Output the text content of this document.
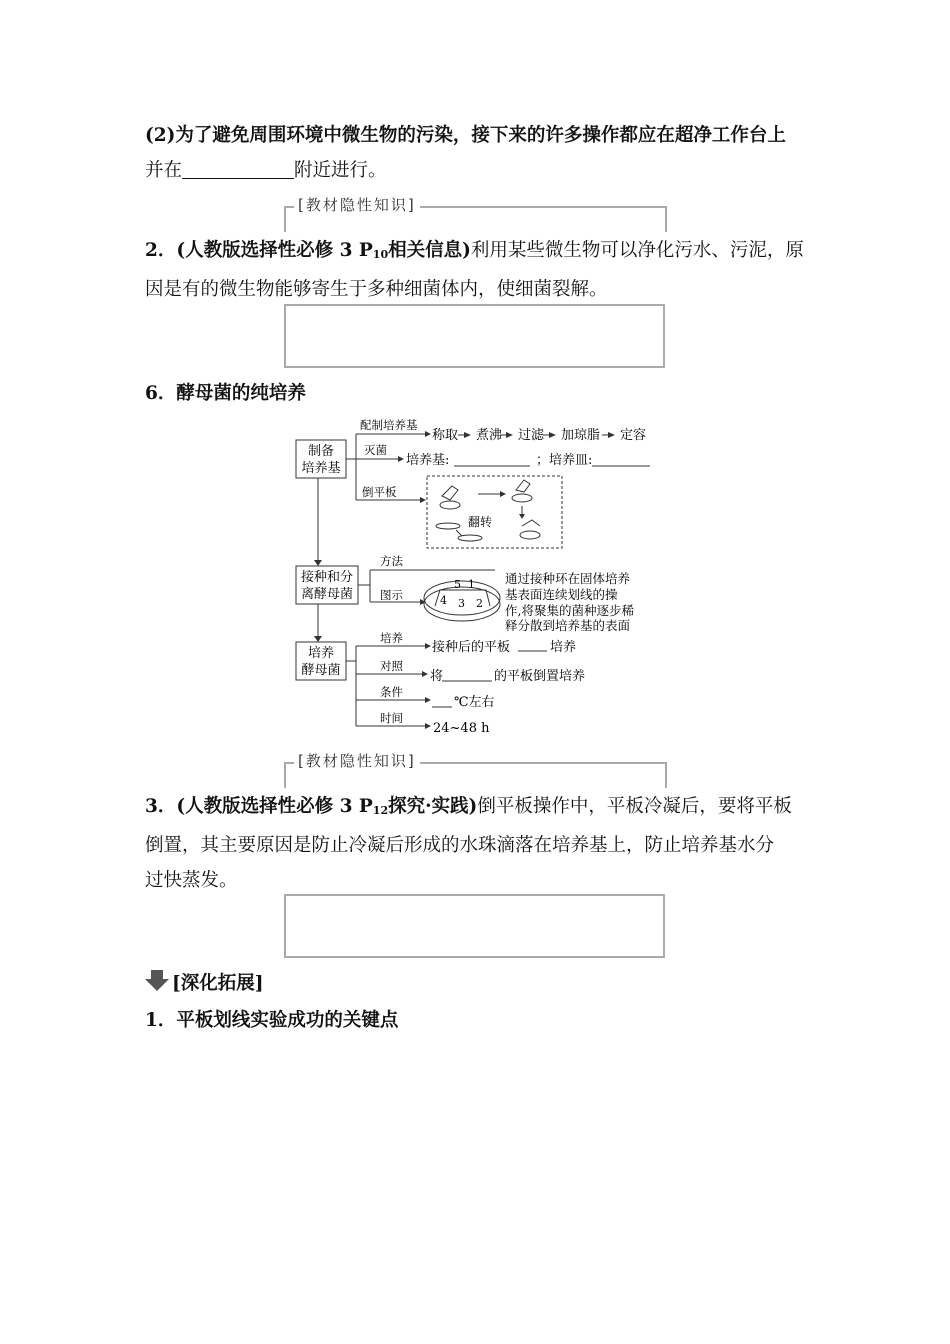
(2)为了避免周围环境中微生物的污染，接下来的许多操作都应在超净工作台上
并在	附近进行。
[教材隐性知识]
2．(人教版选择性必修 3 P10相关信息)利用某些微生物可以净化污水、污泥，原
因是有的微生物能够寄生于多种细菌体内，使细菌裂解。
6．酵母菌的纯培养
制备
培养基
接种和分
离酵母菌
培养
酵母菌
配制培养基
灭菌
倒平板
称取 煮沸 过滤 加琼脂 定容
培养基:	；培养皿:
翻转
方法
图示
5 1
3 2
4
通过接种环在固体培养
基表面连续划线的操
作,将聚集的菌种逐步稀
释分散到培养基的表面
培养
对照
条件
时间
接种后的平板	培养
将	的平板倒置培养
℃左右
24~48 h
[教材隐性知识]
3．(人教版选择性必修 3 P12探究·实践)倒平板操作中，平板冷凝后，要将平板
倒置，其主要原因是防止冷凝后形成的水珠滴落在培养基上，防止培养基水分
过快蒸发。
[深化拓展]
1．平板划线实验成功的关键点
